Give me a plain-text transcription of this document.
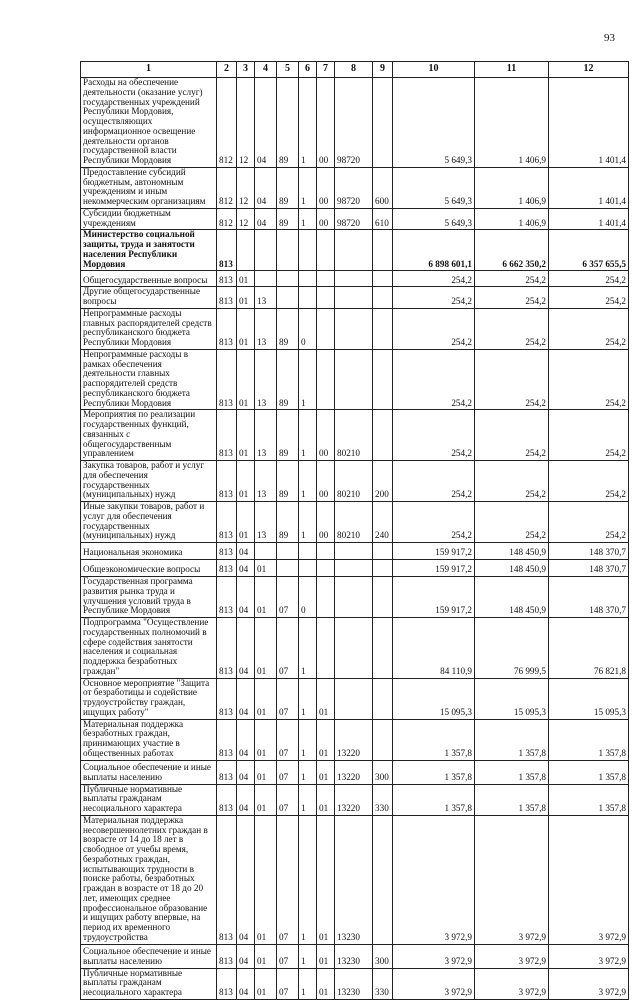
93
1	2	3	4	5	6	7	8	9	10	11	12
Расходы на обеспечение деятельности (оказание услуг) государственных учреждений Республики Мордовия, осуществляющих информационное освещение деятельности органов государственной власти Республики Мордовия	812	12	04	89	1	00	98720		5 649,3	1 406,9	1 401,4
Предоставление субсидий бюджетным, автономным учреждениям и иным некоммерческим организациям	812	12	04	89	1	00	98720	600	5 649,3	1 406,9	1 401,4
Субсидии бюджетным учреждениям	812	12	04	89	1	00	98720	610	5 649,3	1 406,9	1 401,4
Министерство социальной защиты, труда и занятости населения Республики Мордовия	813								6 898 601,1	6 662 350,2	6 357 655,5
Общегосударственные вопросы	813	01							254,2	254,2	254,2
Другие общегосударственные вопросы	813	01	13						254,2	254,2	254,2
Непрограммные расходы главных распорядителей средств республиканского бюджета Республики Мордовия	813	01	13	89	0				254,2	254,2	254,2
Непрограммные расходы в рамках обеспечения деятельности главных распорядителей средств республиканского бюджета Республики Мордовия	813	01	13	89	1				254,2	254,2	254,2
Мероприятия по реализации государственных функций, связанных с общегосударственным управлением	813	01	13	89	1	00	80210		254,2	254,2	254,2
Закупка товаров, работ и услуг для обеспечения государственных (муниципальных) нужд	813	01	13	89	1	00	80210	200	254,2	254,2	254,2
Иные закупки товаров, работ и услуг для обеспечения государственных (муниципальных) нужд	813	01	13	89	1	00	80210	240	254,2	254,2	254,2
Национальная экономика	813	04							159 917,2	148 450,9	148 370,7
Общеэкономические вопросы	813	04	01						159 917,2	148 450,9	148 370,7
Государственная программа развития рынка труда и улучшения условий труда в Республике Мордовия	813	04	01	07	0				159 917,2	148 450,9	148 370,7
Подпрограмма "Осуществление государственных полномочий в сфере содействия занятости населения и социальная поддержка безработных граждан"	813	04	01	07	1				84 110,9	76 999,5	76 821,8
Основное мероприятие "Защита от безработицы и содействие трудоустройству граждан, ищущих работу"	813	04	01	07	1	01			15 095,3	15 095,3	15 095,3
Материальная поддержка безработных граждан, принимающих участие в общественных работах	813	04	01	07	1	01	13220		1 357,8	1 357,8	1 357,8
Социальное обеспечение и иные выплаты населению	813	04	01	07	1	01	13220	300	1 357,8	1 357,8	1 357,8
Публичные нормативные выплаты гражданам несоциального характера	813	04	01	07	1	01	13220	330	1 357,8	1 357,8	1 357,8
Материальная поддержка несовершеннолетних граждан в возрасте от 14 до 18 лет в свободное от учебы время, безработных граждан, испытывающих трудности в поиске работы, безработных граждан в возрасте от 18 до 20 лет, имеющих среднее профессиональное образование и ищущих работу впервые, на период их временного трудоустройства	813	04	01	07	1	01	13230		3 972,9	3 972,9	3 972,9
Социальное обеспечение и иные выплаты населению	813	04	01	07	1	01	13230	300	3 972,9	3 972,9	3 972,9
Публичные нормативные выплаты гражданам несоциального характера	813	04	01	07	1	01	13230	330	3 972,9	3 972,9	3 972,9
